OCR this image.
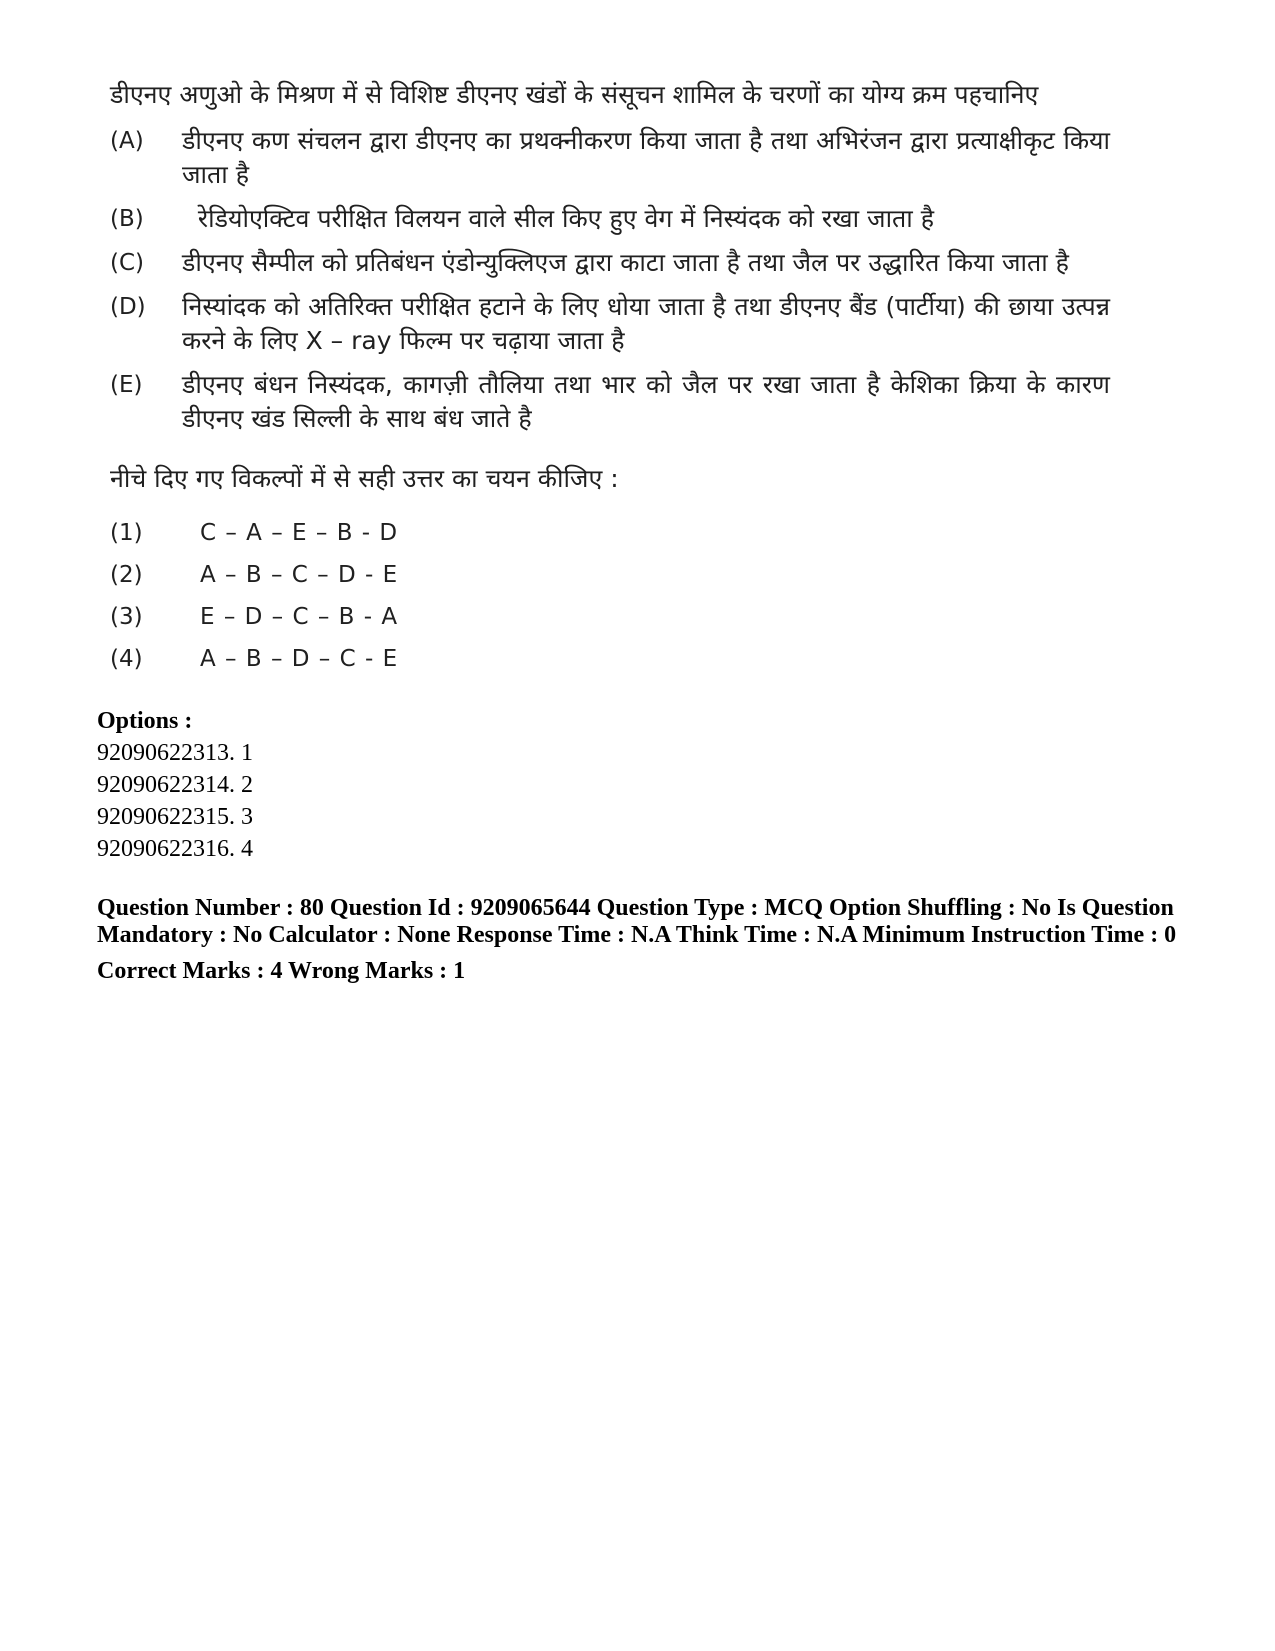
डीएनए अणुओ के मिश्रण में से विशिष्ट डीएनए खंडों के संसूचन शामिल के चरणों का योग्य क्रम पहचानिए
(A)	डीएनए कण संचलन द्वारा डीएनए का प्रथक्नीकरण किया जाता है तथा अभिरंजन द्वारा प्रत्याक्षीकृट किया जाता है
(B)	रेडियोएक्टिव परीक्षित विलयन वाले सील किए हुए वेग में निस्यंदक को रखा जाता है
(C)	डीएनए सैम्पील को प्रतिबंधन एंडोन्युक्लिएज द्वारा काटा जाता है तथा जैल पर उद्धारित किया जाता है
(D)	निस्यांदक को अतिरिक्त परीक्षित हटाने के लिए धोया जाता है तथा डीएनए बैंड (पार्टीया) की छाया उत्पन्न करने के लिए X – ray फिल्म पर चढ़ाया जाता है
(E)	डीएनए बंधन निस्यंदक, कागज़ी तौलिया तथा भार को जैल पर रखा जाता है केशिका क्रिया के कारण डीएनए खंड सिल्ली के साथ बंध जाते है
नीचे दिए गए विकल्पों में से सही उत्तर का चयन कीजिए :
(1)	C – A – E – B - D
(2)	A – B – C – D - E
(3)	E – D – C – B - A
(4)	A – B – D – C - E
Options :
92090622313. 1
92090622314. 2
92090622315. 3
92090622316. 4
Question Number : 80 Question Id : 9209065644 Question Type : MCQ Option Shuffling : No Is Question Mandatory : No Calculator : None Response Time : N.A Think Time : N.A Minimum Instruction Time : 0
Correct Marks : 4 Wrong Marks : 1
